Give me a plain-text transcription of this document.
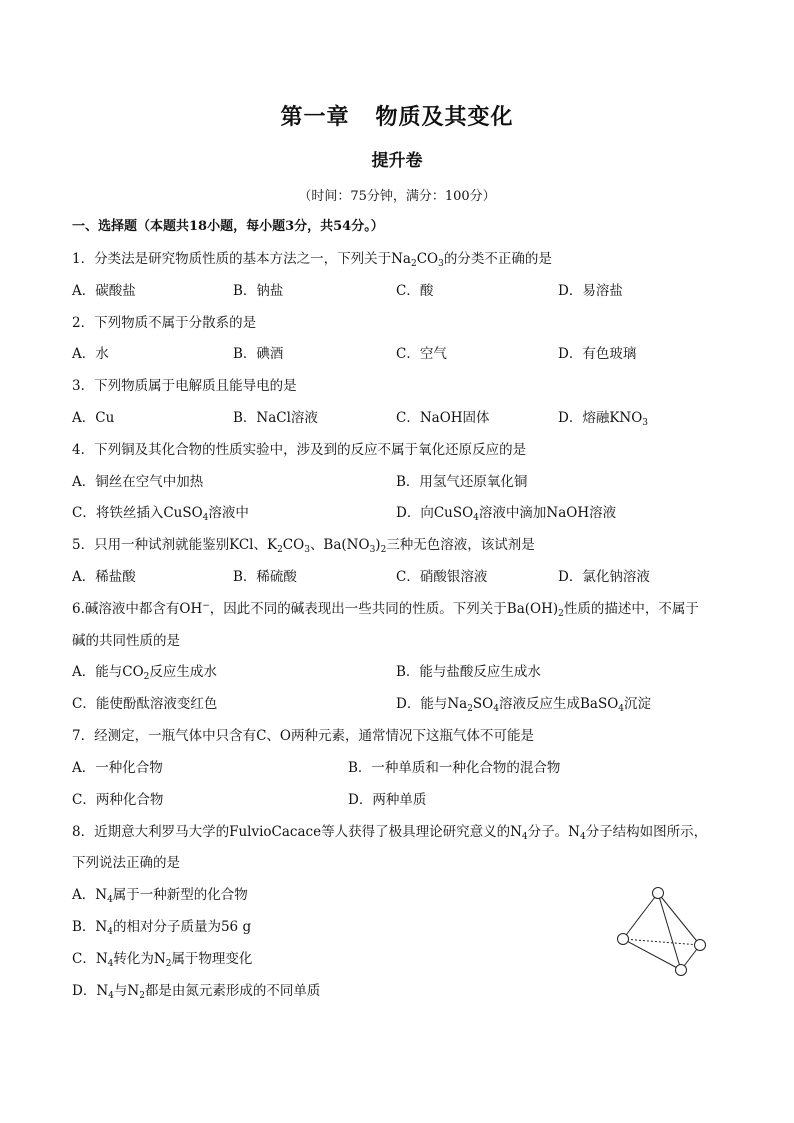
第一章 物质及其变化
提升卷
（时间：75分钟，满分：100分）
一、选择题（本题共18小题，每小题3分，共54分。）
1．分类法是研究物质性质的基本方法之一，下列关于$Na_2CO_3$的分类不正确的是
A．碳酸盐	B．钠盐	C．酸	D．易溶盐
2．下列物质不属于分散系的是
A．水	B．碘酒	C．空气	D．有色玻璃
3．下列物质属于电解质且能导电的是
A．Cu	B．NaCl溶液	C．NaOH固体	D．熔融$KNO_3$
4．下列铜及其化合物的性质实验中，涉及到的反应不属于氧化还原反应的是
A．铜丝在空气中加热	B．用氢气还原氧化铜
C．将铁丝插入CuSO$_4$溶液中	D．向CuSO$_4$溶液中滴加NaOH溶液
5．只用一种试剂就能鉴别KCl、$K_2CO_3$、$Ba(NO_3)_2$三种无色溶液，该试剂是
A．稀盐酸	B．稀硫酸	C．硝酸银溶液	D．氯化钠溶液
6.碱溶液中都含有OH−，因此不同的碱表现出一些共同的性质。下列关于$Ba(OH)_2$性质的描述中，不属于
碱的共同性质的是
A．能与$CO_2$反应生成水	B．能与盐酸反应生成水
C．能使酚酞溶液变红色	D．能与$Na_2SO_4$溶液反应生成BaSO$_4$沉淀
7．经测定，一瓶气体中只含有C、O两种元素，通常情况下这瓶气体不可能是
A．一种化合物	B．一种单质和一种化合物的混合物
C．两种化合物	D．两种单质
8．近期意大利罗马大学的FulvioCacace等人获得了极具理论研究意义的$N_4$分子。$N_4$分子结构如图所示，
下列说法正确的是
A．$N_4$属于一种新型的化合物
B．$N_4$的相对分子质量为56 g
C．$N_4$转化为$N_2$属于物理变化
D．$N_4$与$N_2$都是由氮元素形成的不同单质
